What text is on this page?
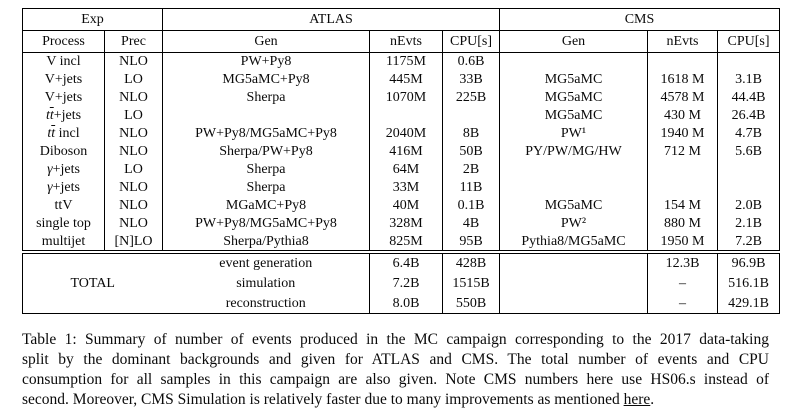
Exp		ATLAS			CMS		
Process	Prec	Gen	nEvts	CPU[s]	Gen	nEvts	CPU[s]
V incl	NLO	PW+Py8	1175M	0.6B			
V+jets	LO	MG5aMC+Py8	445M	33B	MG5aMC	1618 M	3.1B
V+jets	NLO	Sherpa	1070M	225B	MG5aMC	4578 M	44.4B
$t\overline{t}+jets$	LO				MG5aMC	430 M	26.4B
$t\overline{t}$ incl	NLO	PW+Py8/MG5aMC+Py8	2040M	8B	PW¹	1940 M	4.7B
Diboson	NLO	Sherpa/PW+Py8	416M	50B	PY/PW/MG/HW	712 M	5.6B
γ+jets	LO	Sherpa	64M	2B			
γ+jets	NLO	Sherpa	33M	11B			
ttV	NLO	MGaMC+Py8	40M	0.1B	MG5aMC	154 M	2.0B
single top	NLO	PW+Py8/MG5aMC+Py8	328M	4B	PW²	880 M	2.1B
multijet	[N]LO	Sherpa/Pythia8	825M	95B	Pythia8/MG5aMC	1950 M	7.2B
TOTAL	event generation	6.4B	428B		12.3B	96.9B
	simulation	7.2B	1515B		–	516.1B
	reconstruction	8.0B	550B		–	429.1B
Table 1: Summary of number of events produced in the MC campaign corresponding to the 2017 data-taking
split by the dominant backgrounds and given for ATLAS and CMS. The total number of events and CPU
consumption for all samples in this campaign are also given. Note CMS numbers here use HS06.s instead of
second. Moreover, CMS Simulation is relatively faster due to many improvements as mentioned here.
